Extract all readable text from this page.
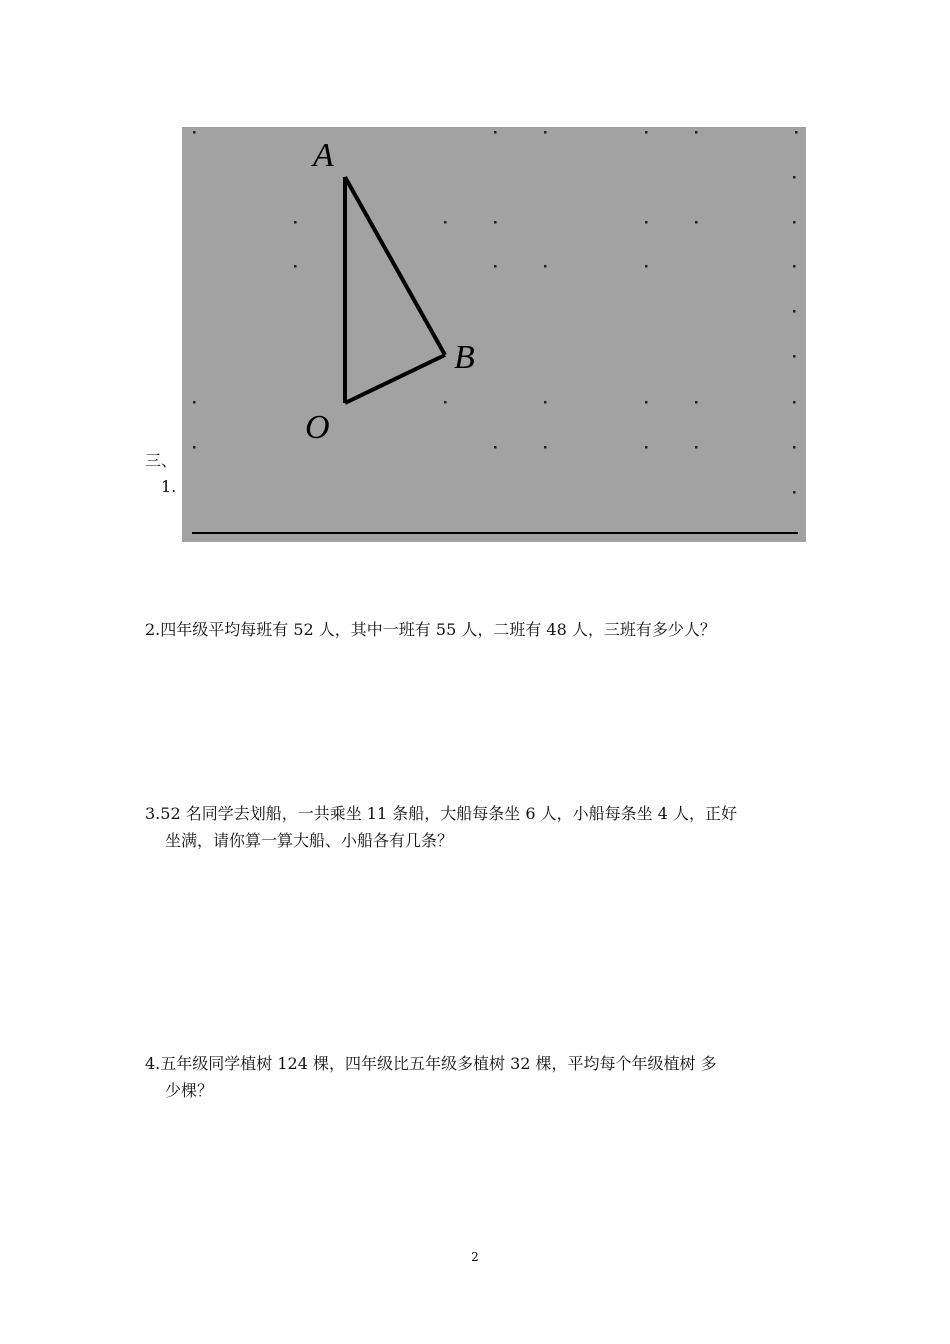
三、
1.
A
B
O
2.四年级平均每班有 52 人，其中一班有 55 人，二班有 48 人，三班有多少人？
3.52 名同学去划船，一共乘坐 11 条船，大船每条坐 6 人，小船每条坐 4 人，正好
坐满，请你算一算大船、小船各有几条？
4.五年级同学植树 124 棵，四年级比五年级多植树 32 棵，平均每个年级植树 多
少棵？
2
